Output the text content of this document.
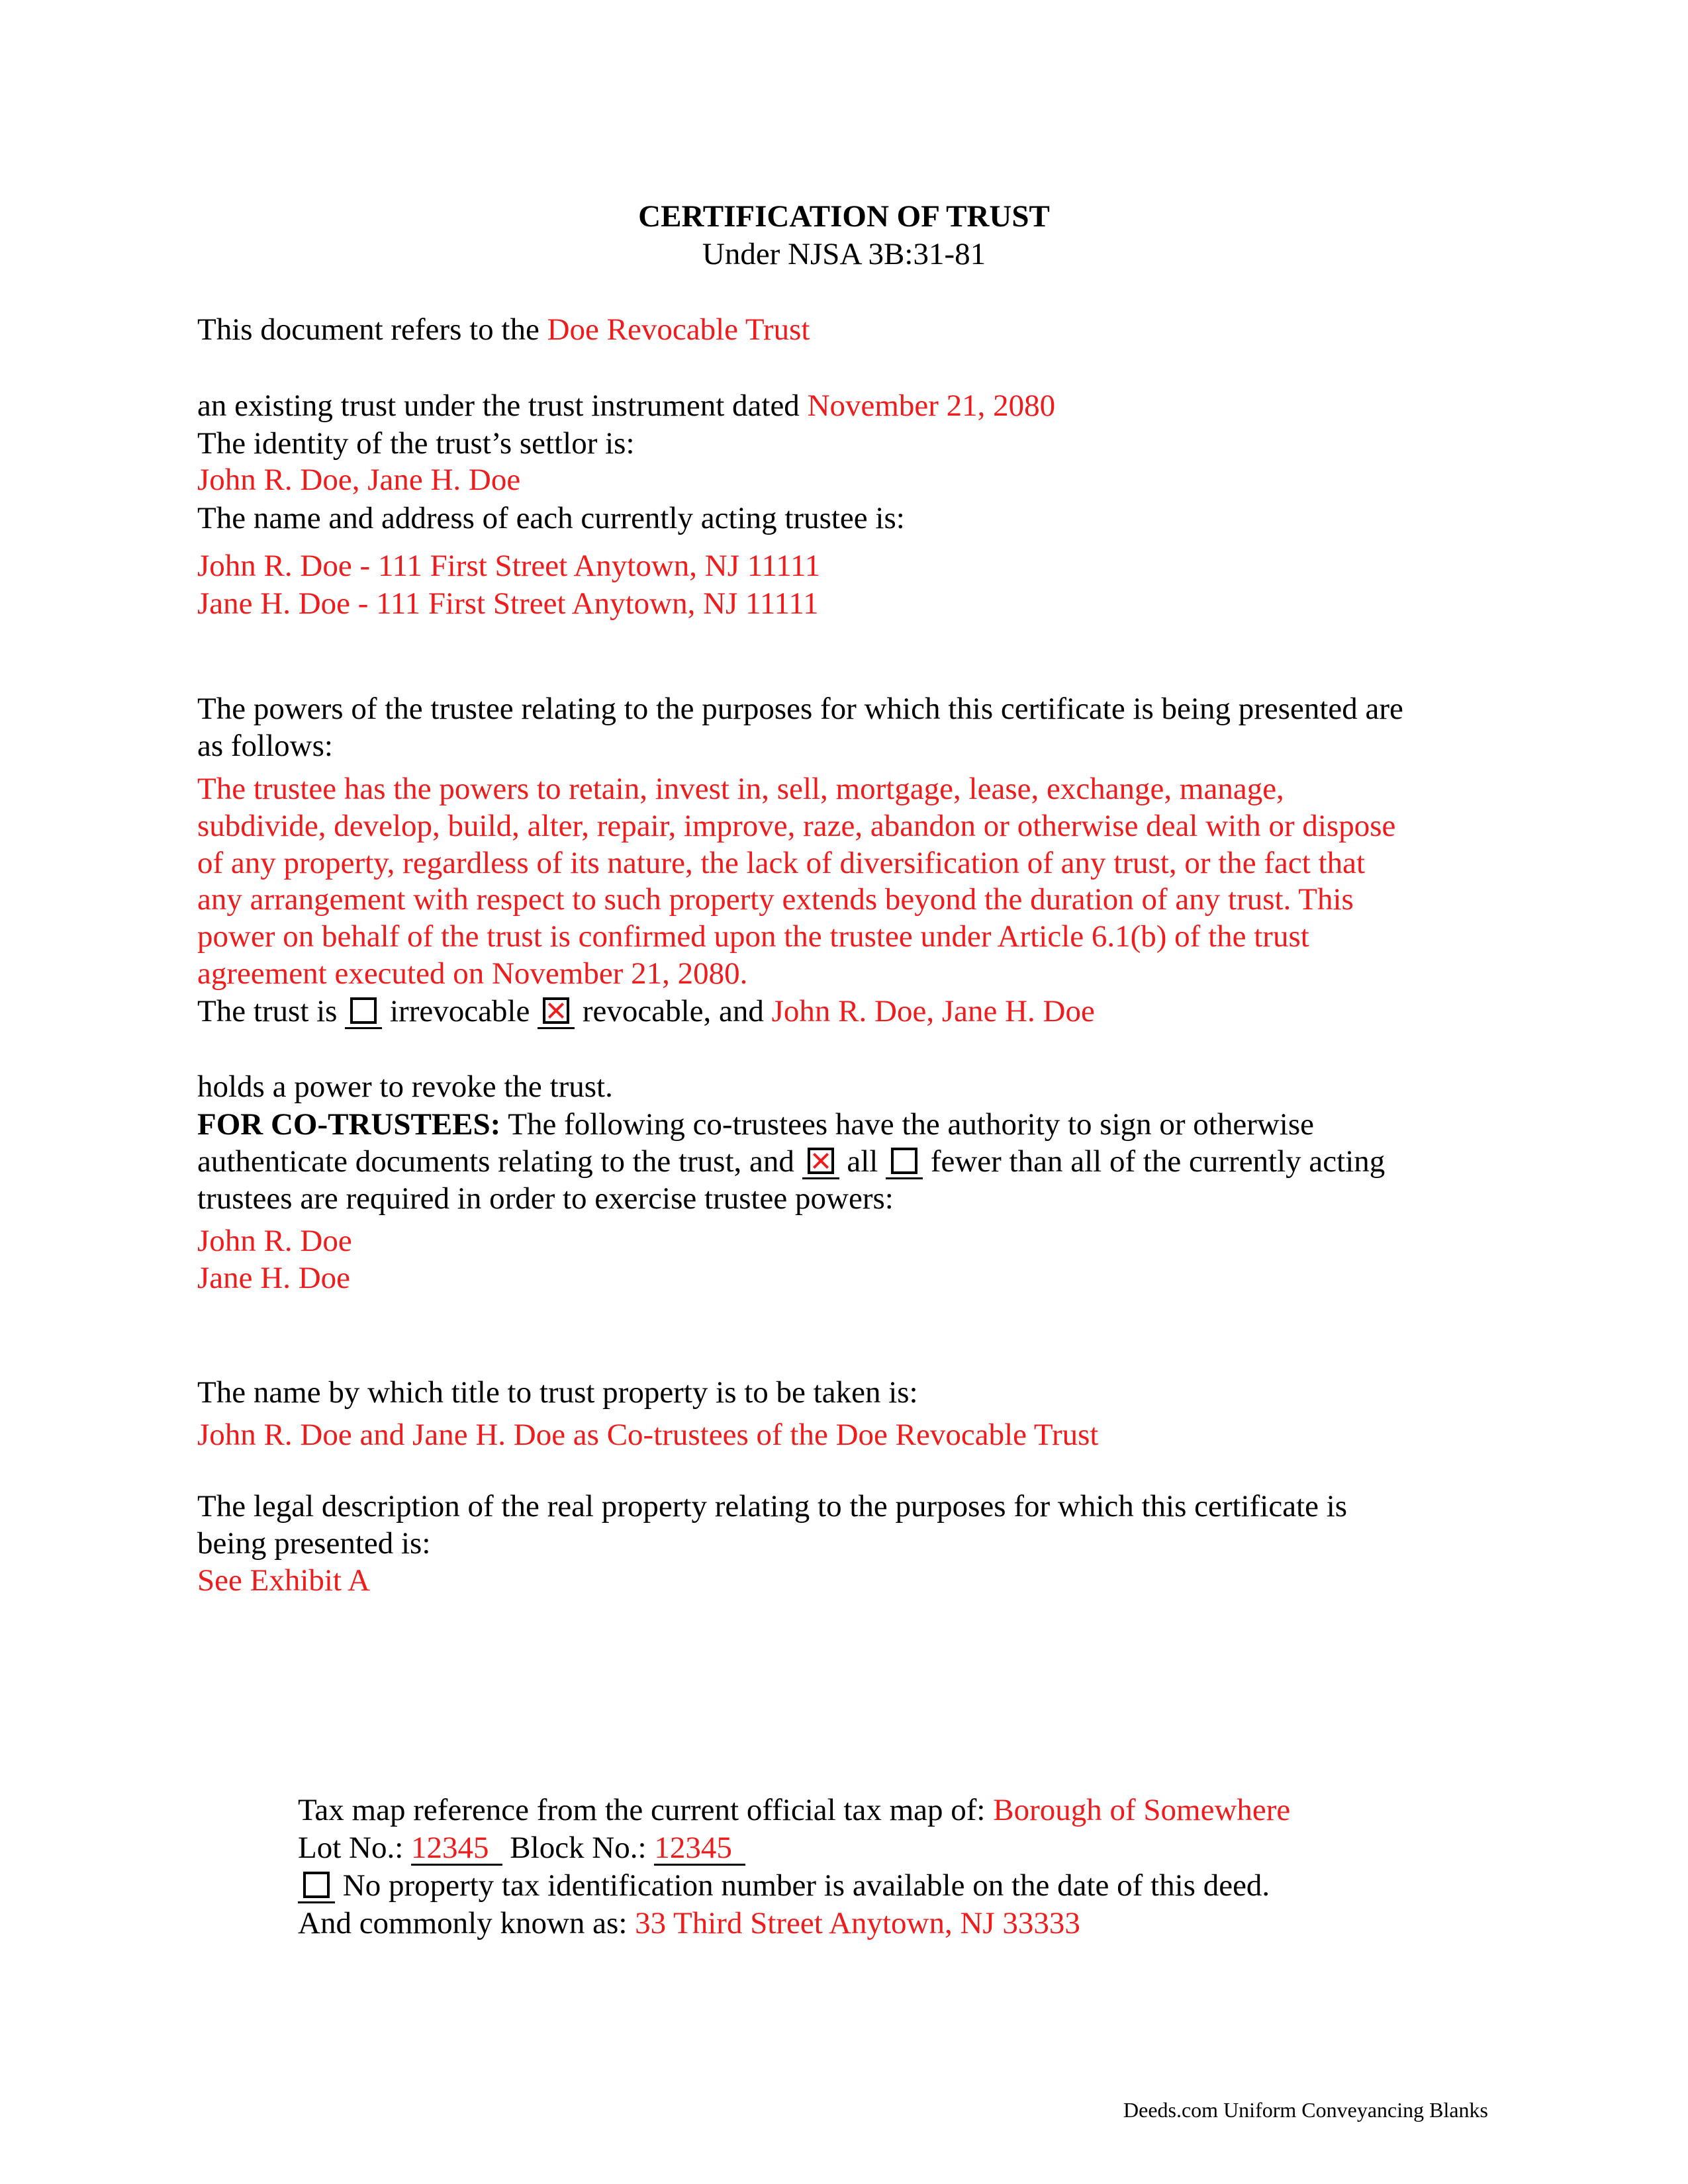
CERTIFICATION OF TRUST
Under NJSA 3B:31-81
This document refers to the Doe Revocable Trust
an existing trust under the trust instrument dated November 21, 2080
The identity of the trust’s settlor is:
John R. Doe, Jane H. Doe
The name and address of each currently acting trustee is:
John R. Doe - 111 First Street Anytown, NJ 11111
Jane H. Doe - 111 First Street Anytown, NJ 11111
The powers of the trustee relating to the purposes for which this certificate is being presented are
as follows:
The trustee has the powers to retain, invest in, sell, mortgage, lease, exchange, manage,
subdivide, develop, build, alter, repair, improve, raze, abandon or otherwise deal with or dispose
of any property, regardless of its nature, the lack of diversification of any trust, or the fact that
any arrangement with respect to such property extends beyond the duration of any trust. This
power on behalf of the trust is confirmed upon the trustee under Article 6.1(b) of the trust
agreement executed on November 21, 2080.
The trust is irrevocable revocable, and John R. Doe, Jane H. Doe
holds a power to revoke the trust.
FOR CO-TRUSTEES: The following co-trustees have the authority to sign or otherwise
authenticate documents relating to the trust, and all fewer than all of the currently acting
trustees are required in order to exercise trustee powers:
John R. Doe
Jane H. Doe
The name by which title to trust property is to be taken is:
John R. Doe and Jane H. Doe as Co-trustees of the Doe Revocable Trust
The legal description of the real property relating to the purposes for which this certificate is
being presented is:
See Exhibit A
Tax map reference from the current official tax map of: Borough of Somewhere
Lot No.: 12345 Block No.: 12345
No property tax identification number is available on the date of this deed.
And commonly known as: 33 Third Street Anytown, NJ 33333
Deeds.com Uniform Conveyancing Blanks
